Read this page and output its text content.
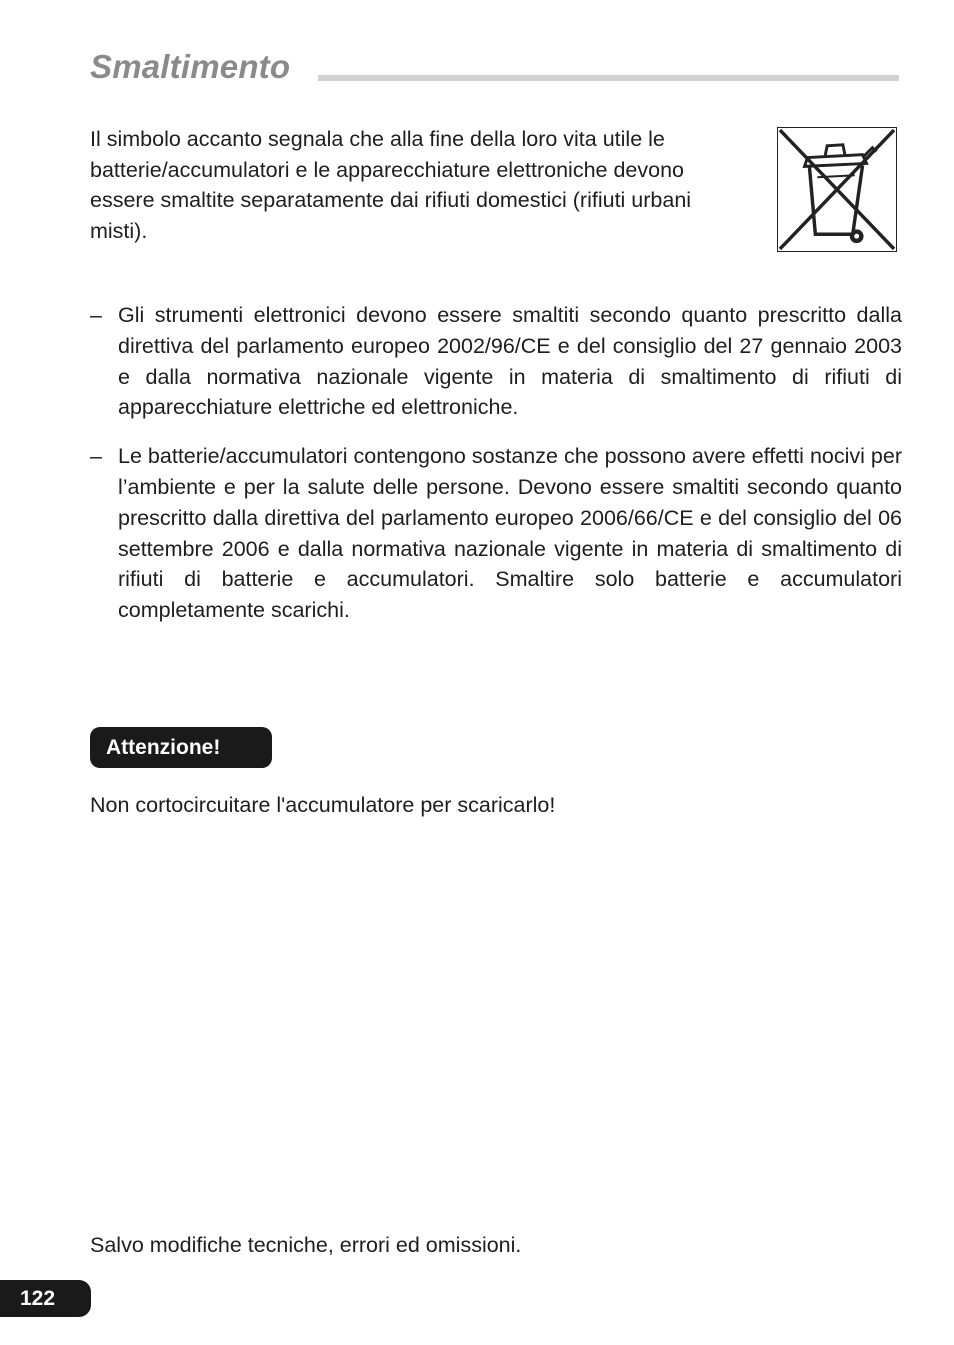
Smaltimento

Il simbolo accanto segnala che alla fine della loro vita utile le batterie/accumulatori e le apparecchiature elettroniche devono essere smaltite separatamente dai rifiuti domestici (rifiuti urbani misti).

– Gli strumenti elettronici devono essere smaltiti secondo quanto prescritto dalla direttiva del parlamento europeo 2002/96/CE e del consiglio del 27 gennaio 2003 e dalla normativa nazionale vigente in materia di smaltimento di rifiuti di apparecchiature elettriche ed elettroniche.
– Le batterie/accumulatori contengono sostanze che possono avere effetti nocivi per l’ambiente e per la salute delle persone. Devono essere smaltiti secondo quanto prescritto dalla direttiva del parlamento europeo 2006/66/CE e del consiglio del 06 settembre 2006 e dalla normativa nazionale vigente in materia di smaltimento di rifiuti di batterie e accumulatori. Smaltire solo batterie e accumulatori completamente scarichi.
Attenzione!

Non cortocircuitare l'accumulatore per scaricarlo!

Salvo modifiche tecniche, errori ed omissioni.

122
